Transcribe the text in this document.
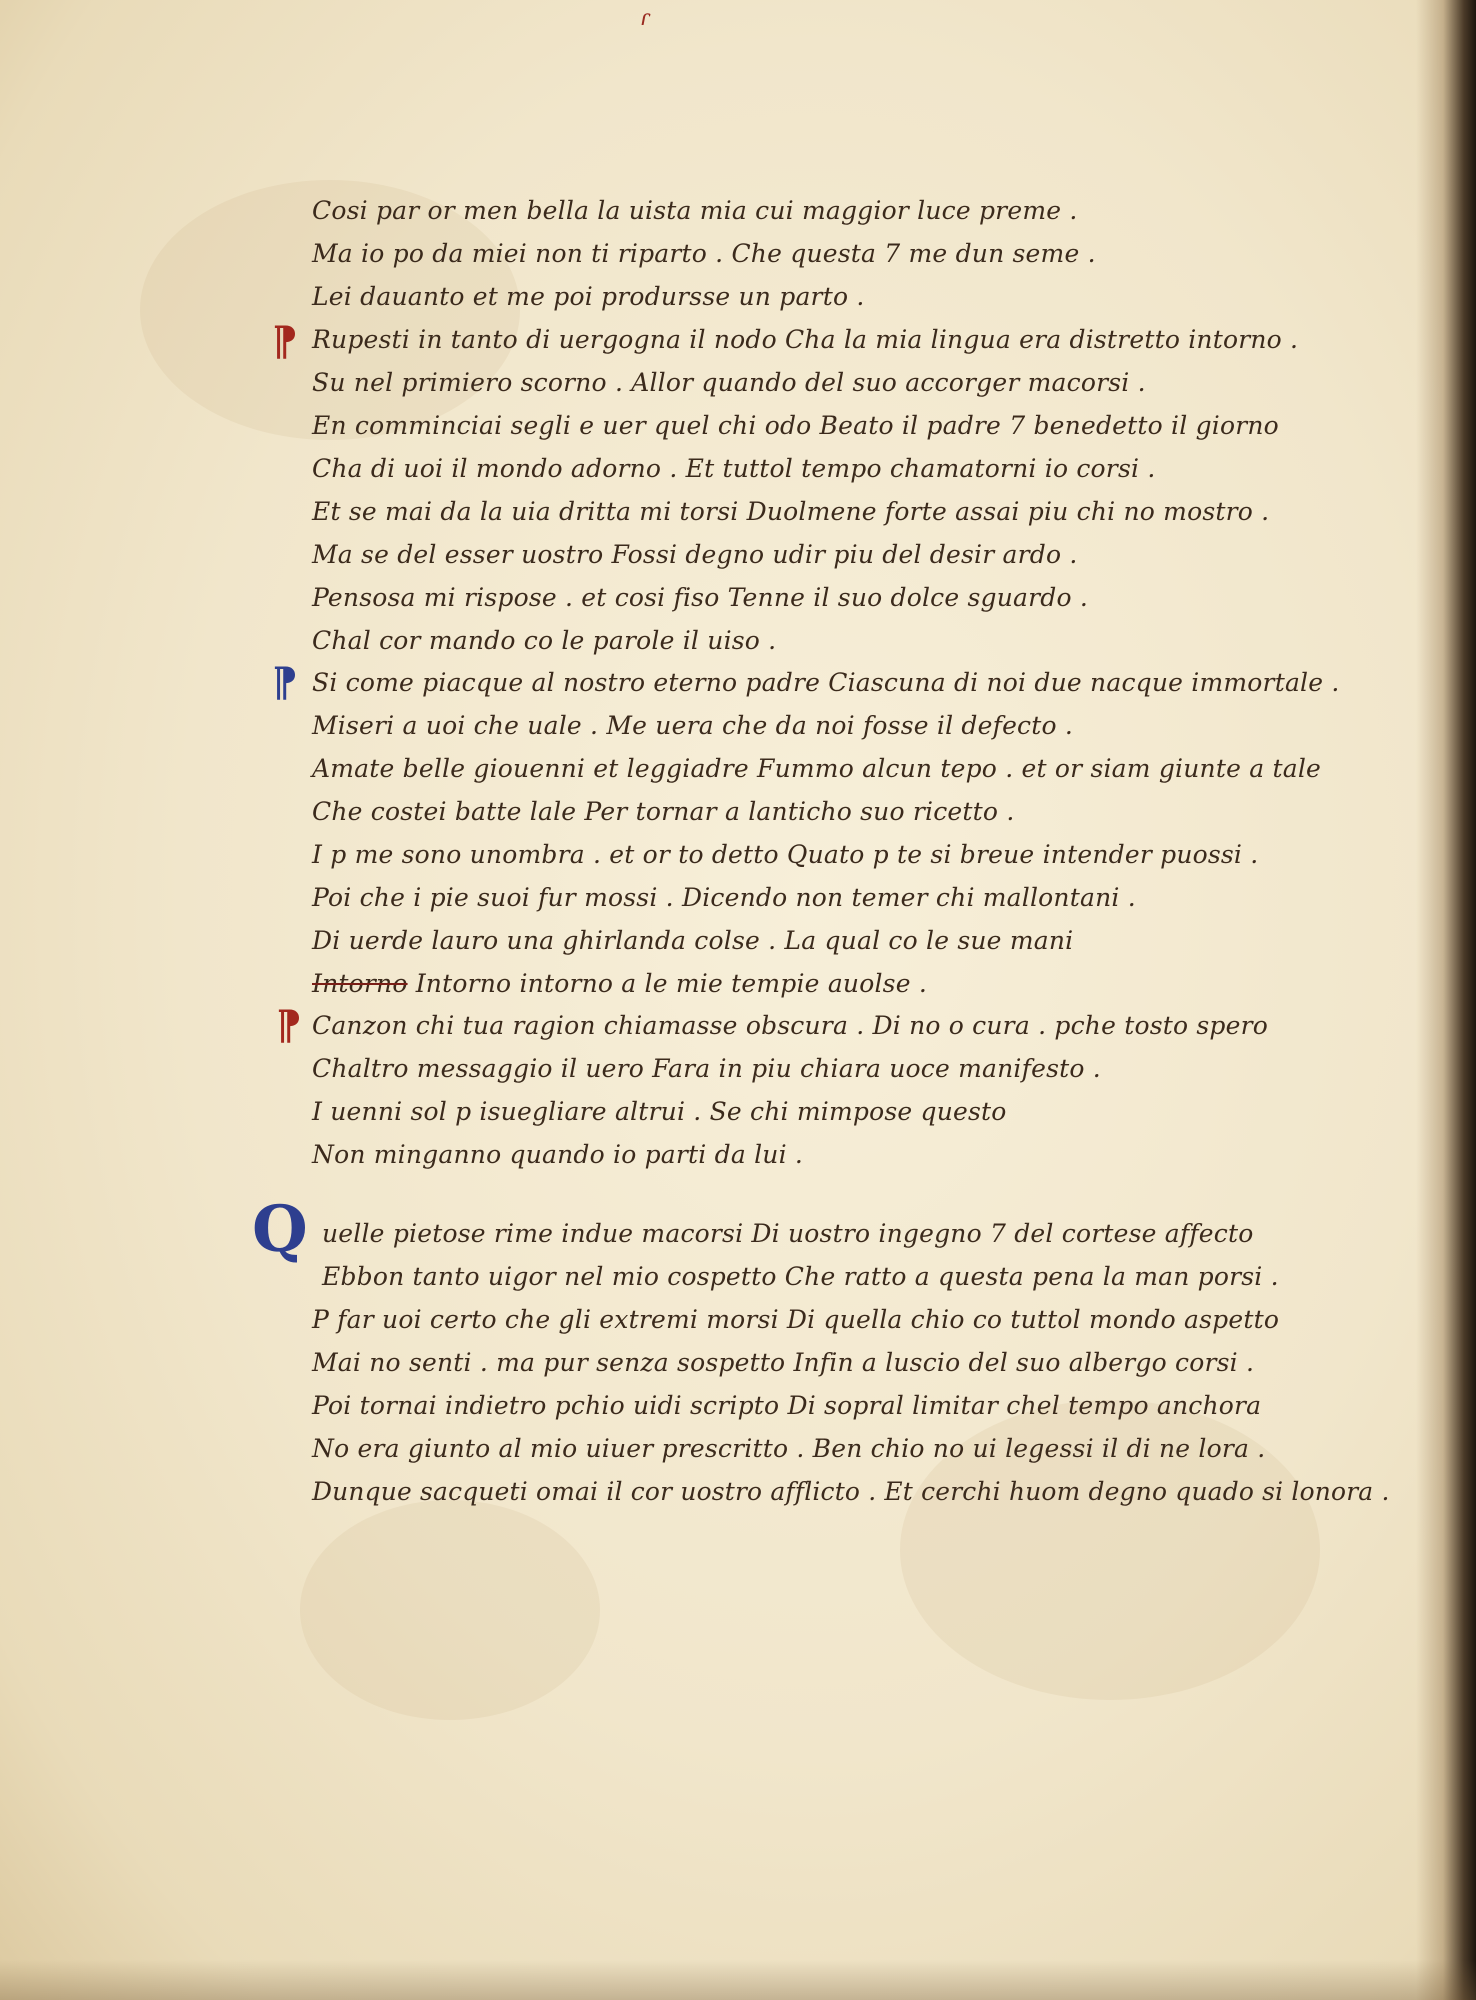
ɾ
Cosi par or men bella la uista mia cui maggior luce preme .
Ma io po da miei non ti riparto . Che questa 7 me dun seme .
Lei dauanto et me poi prodursse un parto .
⁋ Rupesti in tanto di uergogna il nodo Cha la mia lingua era distretto intorno .
Su nel primiero scorno . Allor quando del suo accorger macorsi .
En comminciai segli e uer quel chi odo Beato il padre 7 benedetto il giorno
Cha di uoi il mondo adorno . Et tuttol tempo chamatorni io corsi .
Et se mai da la uia dritta mi torsi Duolmene forte assai piu chi no mostro .
Ma se del esser uostro Fossi degno udir piu del desir ardo .
Pensosa mi rispose . et cosi fiso Tenne il suo dolce sguardo .
Chal cor mando co le parole il uiso .
⁋ Si come piacque al nostro eterno padre Ciascuna di noi due nacque immortale .
Miseri a uoi che uale . Me uera che da noi fosse il defecto .
Amate belle giouenni et leggiadre Fummo alcun tepo . et or siam giunte a tale
Che costei batte lale Per tornar a lanticho suo ricetto .
I p me sono unombra . et or to detto Quato p te si breue intender puossi .
Poi che i pie suoi fur mossi . Dicendo non temer chi mallontani .
Di uerde lauro una ghirlanda colse . La qual co le sue mani
Intorno Intorno intorno a le mie tempie auolse .
⁋ Canzon chi tua ragion chiamasse obscura . Di no o cura . pche tosto spero
Chaltro messaggio il uero Fara in piu chiara uoce manifesto .
I uenni sol p isuegliare altrui . Se chi mimpose questo
Non minganno quando io parti da lui .
Q uelle pietose rime indue macorsi Di uostro ingegno 7 del cortese affecto
Ebbon tanto uigor nel mio cospetto Che ratto a questa pena la man porsi .
P far uoi certo che gli extremi morsi Di quella chio co tuttol mondo aspetto
Mai no senti . ma pur senza sospetto Infin a luscio del suo albergo corsi .
Poi tornai indietro pchio uidi scripto Di sopral limitar chel tempo anchora
No era giunto al mio uiuer prescritto . Ben chio no ui legessi il di ne lora .
Dunque sacqueti omai il cor uostro afflicto . Et cerchi huom degno quado si lonora .
